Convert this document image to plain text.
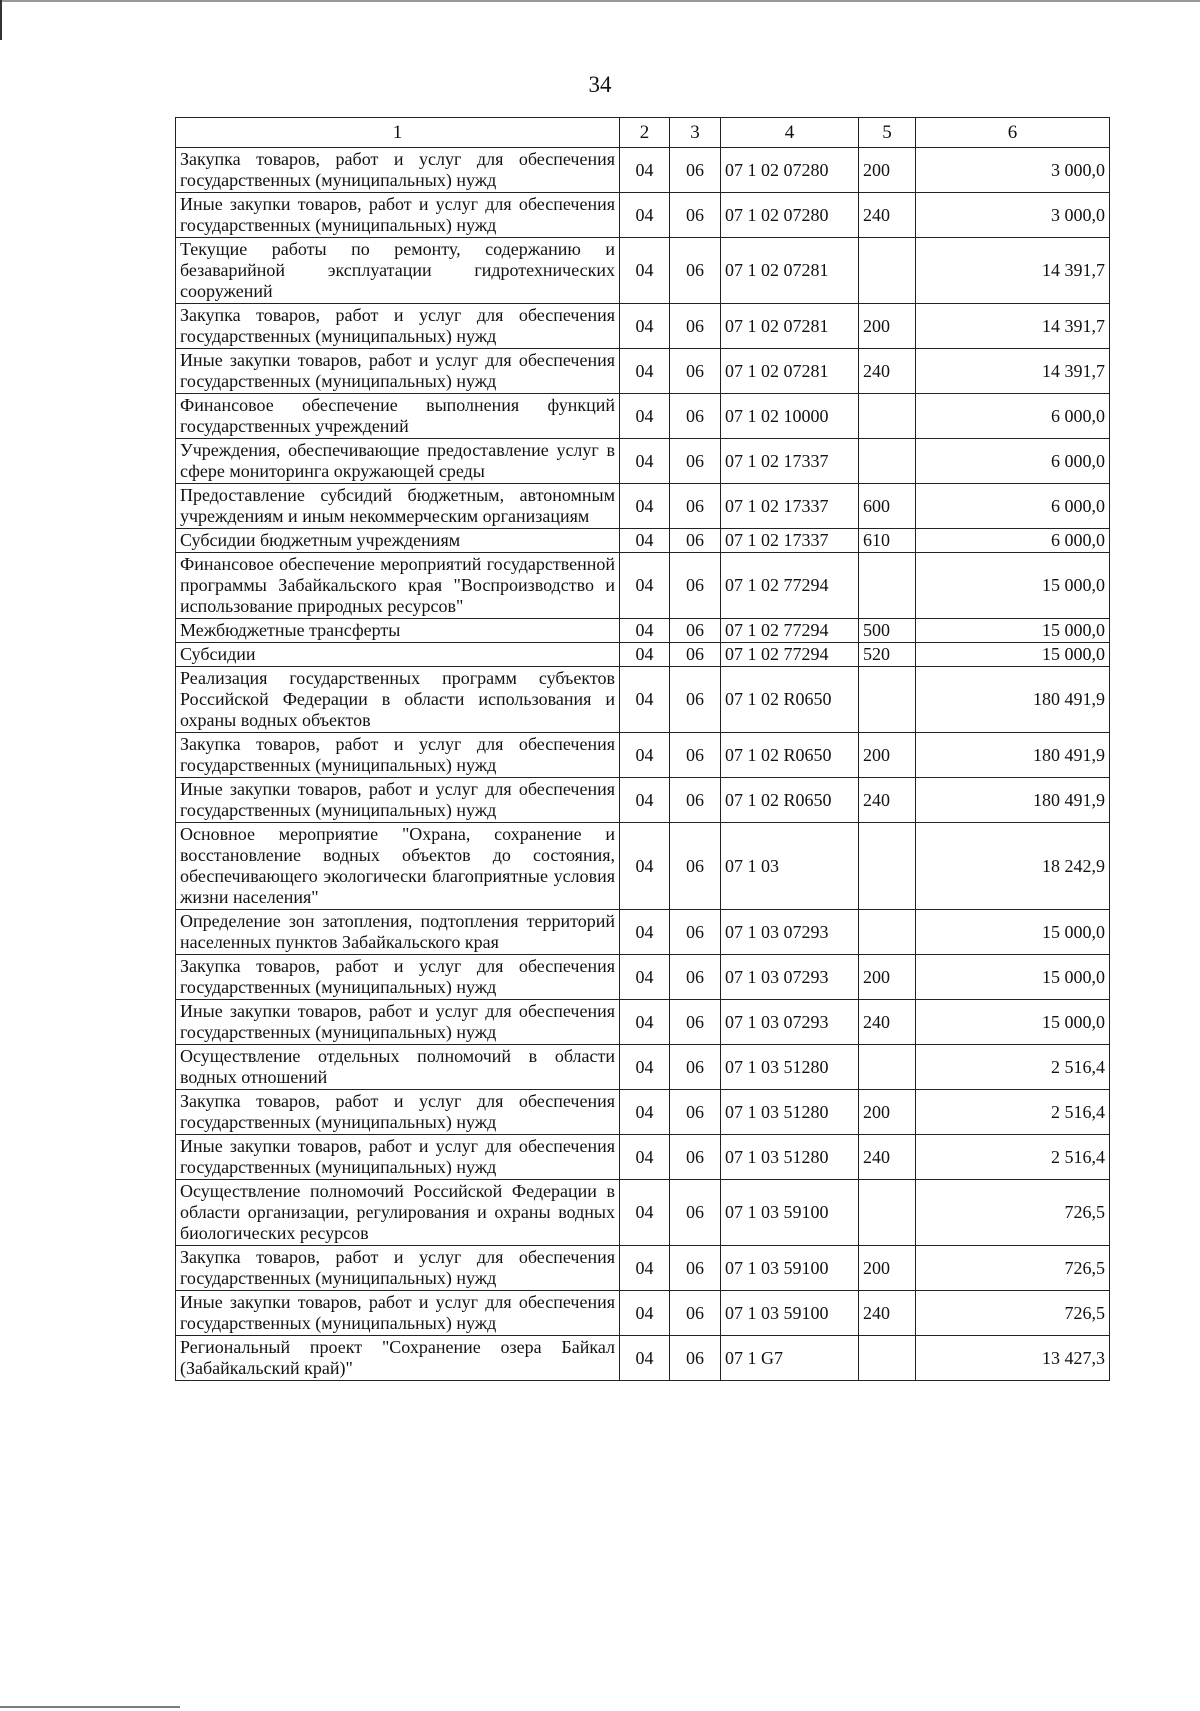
34
1	2	3	4	5	6
Закупка товаров, работ и услуг для обеспечения государственных (муниципальных) нужд	04	06	07 1 02 07280	200	3 000,0
Иные закупки товаров, работ и услуг для обеспечения государственных (муниципальных) нужд	04	06	07 1 02 07280	240	3 000,0
Текущие работы по ремонту, содержанию и безаварийной эксплуатации гидротехнических сооружений	04	06	07 1 02 07281		14 391,7
Закупка товаров, работ и услуг для обеспечения государственных (муниципальных) нужд	04	06	07 1 02 07281	200	14 391,7
Иные закупки товаров, работ и услуг для обеспечения государственных (муниципальных) нужд	04	06	07 1 02 07281	240	14 391,7
Финансовое обеспечение выполнения функций государственных учреждений	04	06	07 1 02 10000		6 000,0
Учреждения, обеспечивающие предоставление услуг в сфере мониторинга окружающей среды	04	06	07 1 02 17337		6 000,0
Предоставление субсидий бюджетным, автономным учреждениям и иным некоммерческим организациям	04	06	07 1 02 17337	600	6 000,0
Субсидии бюджетным учреждениям	04	06	07 1 02 17337	610	6 000,0
Финансовое обеспечение мероприятий государственной программы Забайкальского края "Воспроизводство и использование природных ресурсов"	04	06	07 1 02 77294		15 000,0
Межбюджетные трансферты	04	06	07 1 02 77294	500	15 000,0
Субсидии	04	06	07 1 02 77294	520	15 000,0
Реализация государственных программ субъектов Российской Федерации в области использования и охраны водных объектов	04	06	07 1 02 R0650		180 491,9
Закупка товаров, работ и услуг для обеспечения государственных (муниципальных) нужд	04	06	07 1 02 R0650	200	180 491,9
Иные закупки товаров, работ и услуг для обеспечения государственных (муниципальных) нужд	04	06	07 1 02 R0650	240	180 491,9
Основное мероприятие "Охрана, сохранение и восстановление водных объектов до состояния, обеспечивающего экологически благоприятные условия жизни населения"	04	06	07 1 03		18 242,9
Определение зон затопления, подтопления территорий населенных пунктов Забайкальского края	04	06	07 1 03 07293		15 000,0
Закупка товаров, работ и услуг для обеспечения государственных (муниципальных) нужд	04	06	07 1 03 07293	200	15 000,0
Иные закупки товаров, работ и услуг для обеспечения государственных (муниципальных) нужд	04	06	07 1 03 07293	240	15 000,0
Осуществление отдельных полномочий в области водных отношений	04	06	07 1 03 51280		2 516,4
Закупка товаров, работ и услуг для обеспечения государственных (муниципальных) нужд	04	06	07 1 03 51280	200	2 516,4
Иные закупки товаров, работ и услуг для обеспечения государственных (муниципальных) нужд	04	06	07 1 03 51280	240	2 516,4
Осуществление полномочий Российской Федерации в области организации, регулирования и охраны водных биологических ресурсов	04	06	07 1 03 59100		726,5
Закупка товаров, работ и услуг для обеспечения государственных (муниципальных) нужд	04	06	07 1 03 59100	200	726,5
Иные закупки товаров, работ и услуг для обеспечения государственных (муниципальных) нужд	04	06	07 1 03 59100	240	726,5
Региональный проект "Сохранение озера Байкал (Забайкальский край)"	04	06	07 1 G7		13 427,3
